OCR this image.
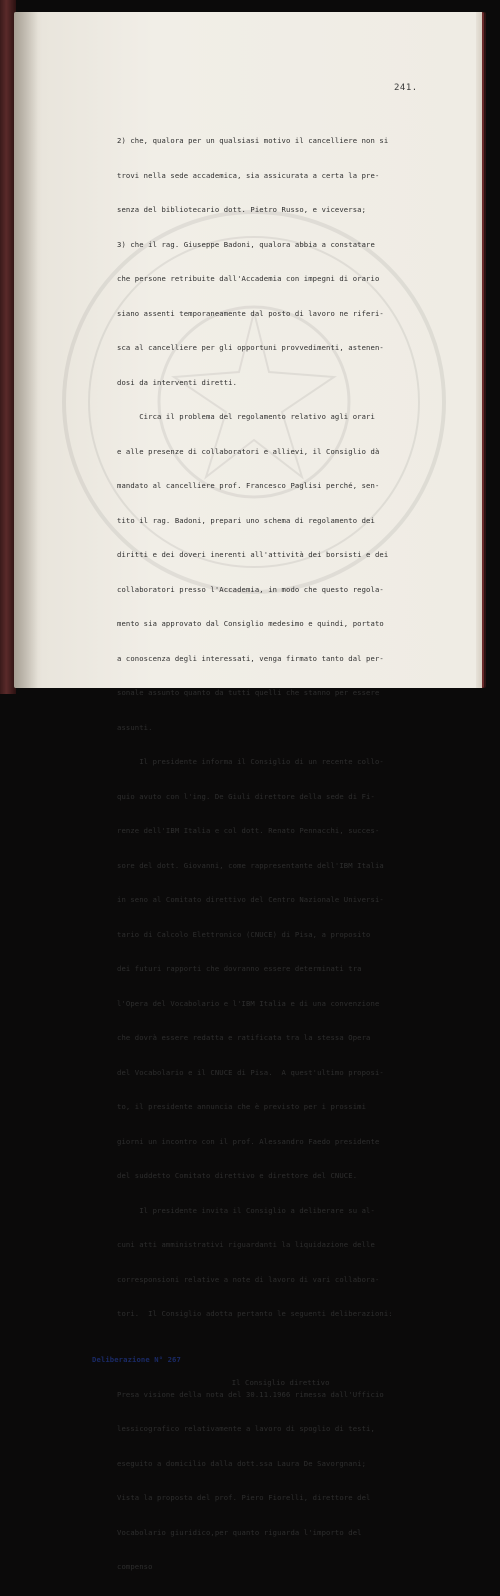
241.

2) che, qualora per un qualsiasi motivo il cancelliere non si

trovi nella sede accademica, sia assicurata a certa la pre-

senza del bibliotecario dott. Pietro Russo, e viceversa;

3) che il rag. Giuseppe Badoni, qualora abbia a constatare

che persone retribuite dall'Accademia con impegni di orario

siano assenti temporaneamente dal posto di lavoro ne riferi-

sca al cancelliere per gli opportuni provvedimenti, astenen-

dosi da interventi diretti.

Circa il problema del regolamento relativo agli orari

e alle presenze di collaboratori e allievi, il Consiglio dà

mandato al cancelliere prof. Francesco Paglisi perché, sen-

tito il rag. Badoni, prepari uno schema di regolamento dei

diritti e dei doveri inerenti all'attività dei borsisti e dei

collaboratori presso l'Accademia, in modo che questo regola-

mento sia approvato dal Consiglio medesimo e quindi, portato

a conoscenza degli interessati, venga firmato tanto dal per-

sonale assunto quanto da tutti quelli che stanno per essere

assunti.

Il presidente informa il Consiglio di un recente collo-

quio avuto con l'ing. De Giuli direttore della sede di Fi-

renze dell'IBM Italia e col dott. Renato Pennacchi, succes-

sore del dott. Giovanni, come rappresentante dell'IBM Italia

in seno al Comitato direttivo del Centro Nazionale Universi-

tario di Calcolo Elettronico (CNUCE) di Pisa, a proposito

dei futuri rapporti che dovranno essere determinati tra

l'Opera del Vocabolario e l'IBM Italia e di una convenzione

che dovrà essere redatta e ratificata tra la stessa Opera

del Vocabolario e il CNUCE di Pisa.  A quest'ultimo proposi-

to, il presidente annuncia che è previsto per i prossimi

giorni un incontro con il prof. Alessandro Faedo presidente

del suddetto Comitato direttivo e direttore del CNUCE.

Il presidente invita il Consiglio a deliberare su al-

cuni atti amministrativi riguardanti la liquidazione delle

corresponsioni relative a note di lavoro di vari collabora-

tori.  Il Consiglio adotta pertanto le seguenti deliberazioni:

Deliberazione N° 267

Il Consiglio direttivo

Presa visione della nota del 30.11.1966 rimessa dall'Ufficio

lessicografico relativamente a lavoro di spoglio di testi,

eseguito a domicilio dalla dott.ssa Laura De Savorgnani;

Vista la proposta del prof. Piero Fiorelli, direttore del

Vocabolario giuridico,per quanto riguarda l'importo del

compenso
